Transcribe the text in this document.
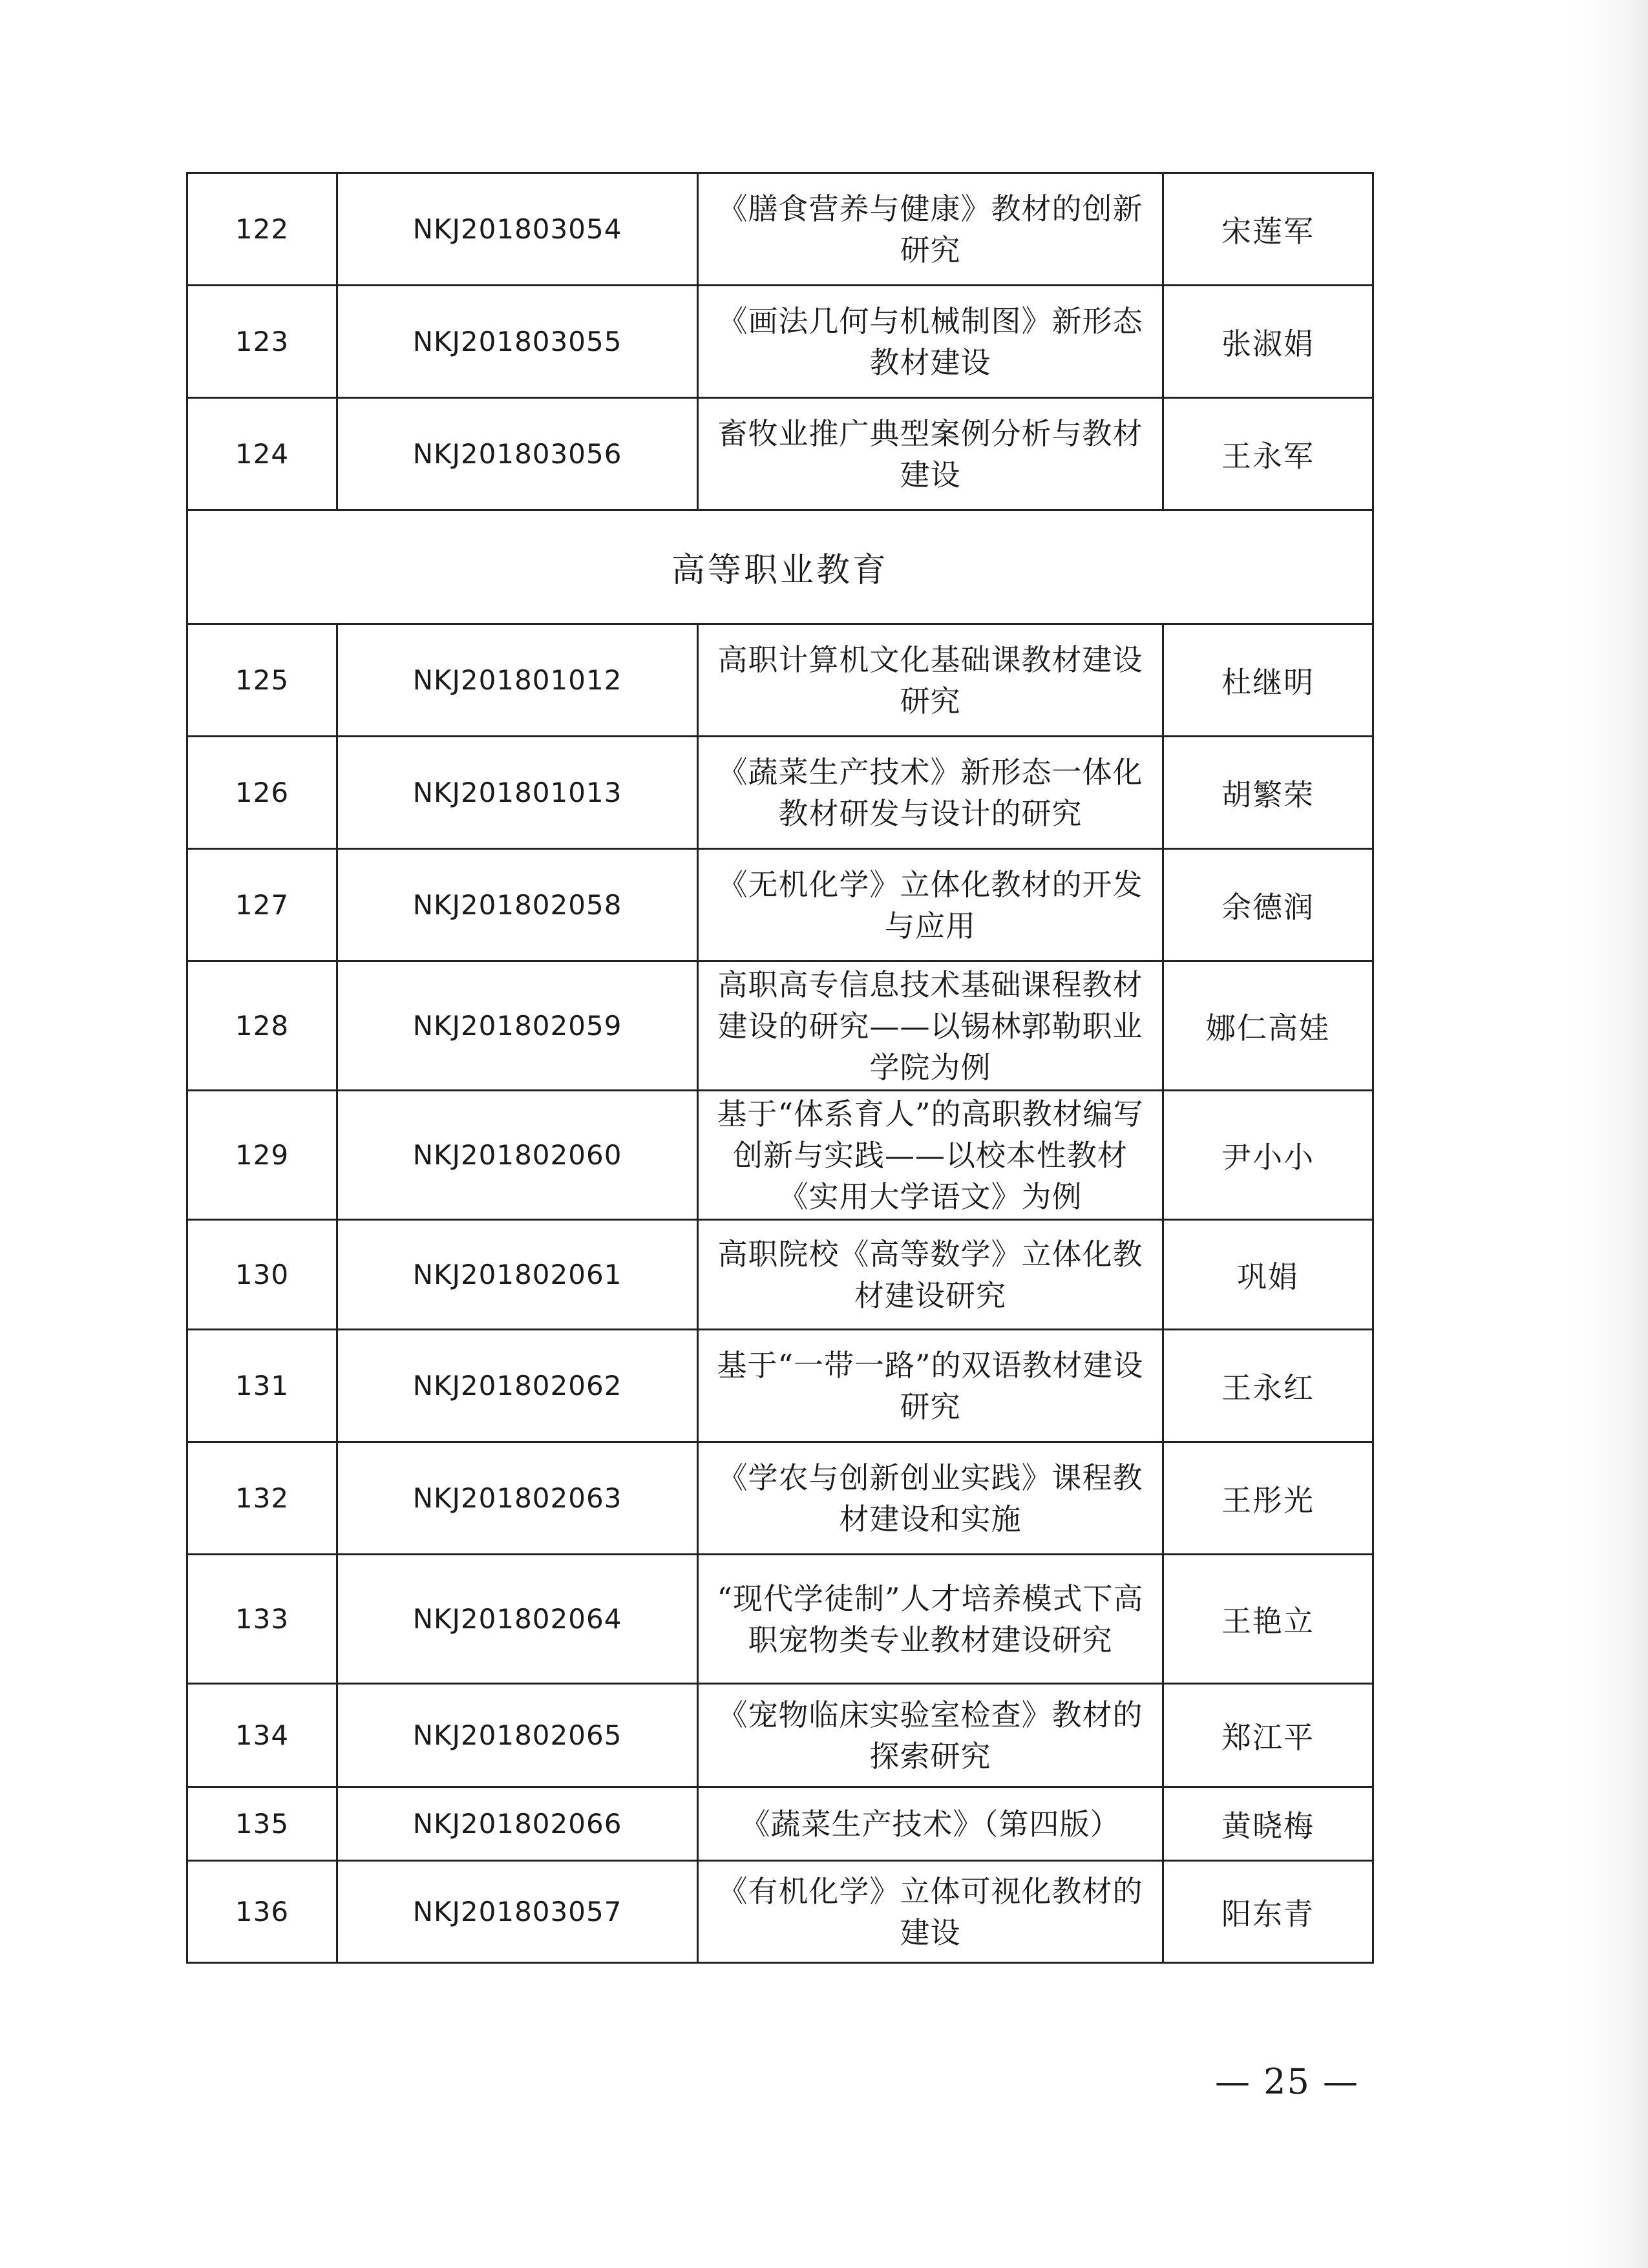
122	NKJ201803054	《膳食营养与健康》教材的创新研究	宋莲军
123	NKJ201803055	《画法几何与机械制图》新形态教材建设	张淑娟
124	NKJ201803056	畜牧业推广典型案例分析与教材建设	王永军
高等职业教育			
125	NKJ201801012	高职计算机文化基础课教材建设研究	杜继明
126	NKJ201801013	《蔬菜生产技术》新形态一体化教材研发与设计的研究	胡繁荣
127	NKJ201802058	《无机化学》立体化教材的开发与应用	余德润
128	NKJ201802059	高职高专信息技术基础课程教材建设的研究——以锡林郭勒职业学院为例	娜仁高娃
129	NKJ201802060	基于“体系育人”的高职教材编写创新与实践——以校本性教材《实用大学语文》为例	尹小小
130	NKJ201802061	高职院校《高等数学》立体化教材建设研究	巩娟
131	NKJ201802062	基于“一带一路”的双语教材建设研究	王永红
132	NKJ201802063	《学农与创新创业实践》课程教材建设和实施	王彤光
133	NKJ201802064	“现代学徒制”人才培养模式下高职宠物类专业教材建设研究	王艳立
134	NKJ201802065	《宠物临床实验室检查》教材的探索研究	郑江平
135	NKJ201802066	《蔬菜生产技术》（第四版）	黄晓梅
136	NKJ201803057	《有机化学》立体可视化教材的建设	阳东青
— 25 —
